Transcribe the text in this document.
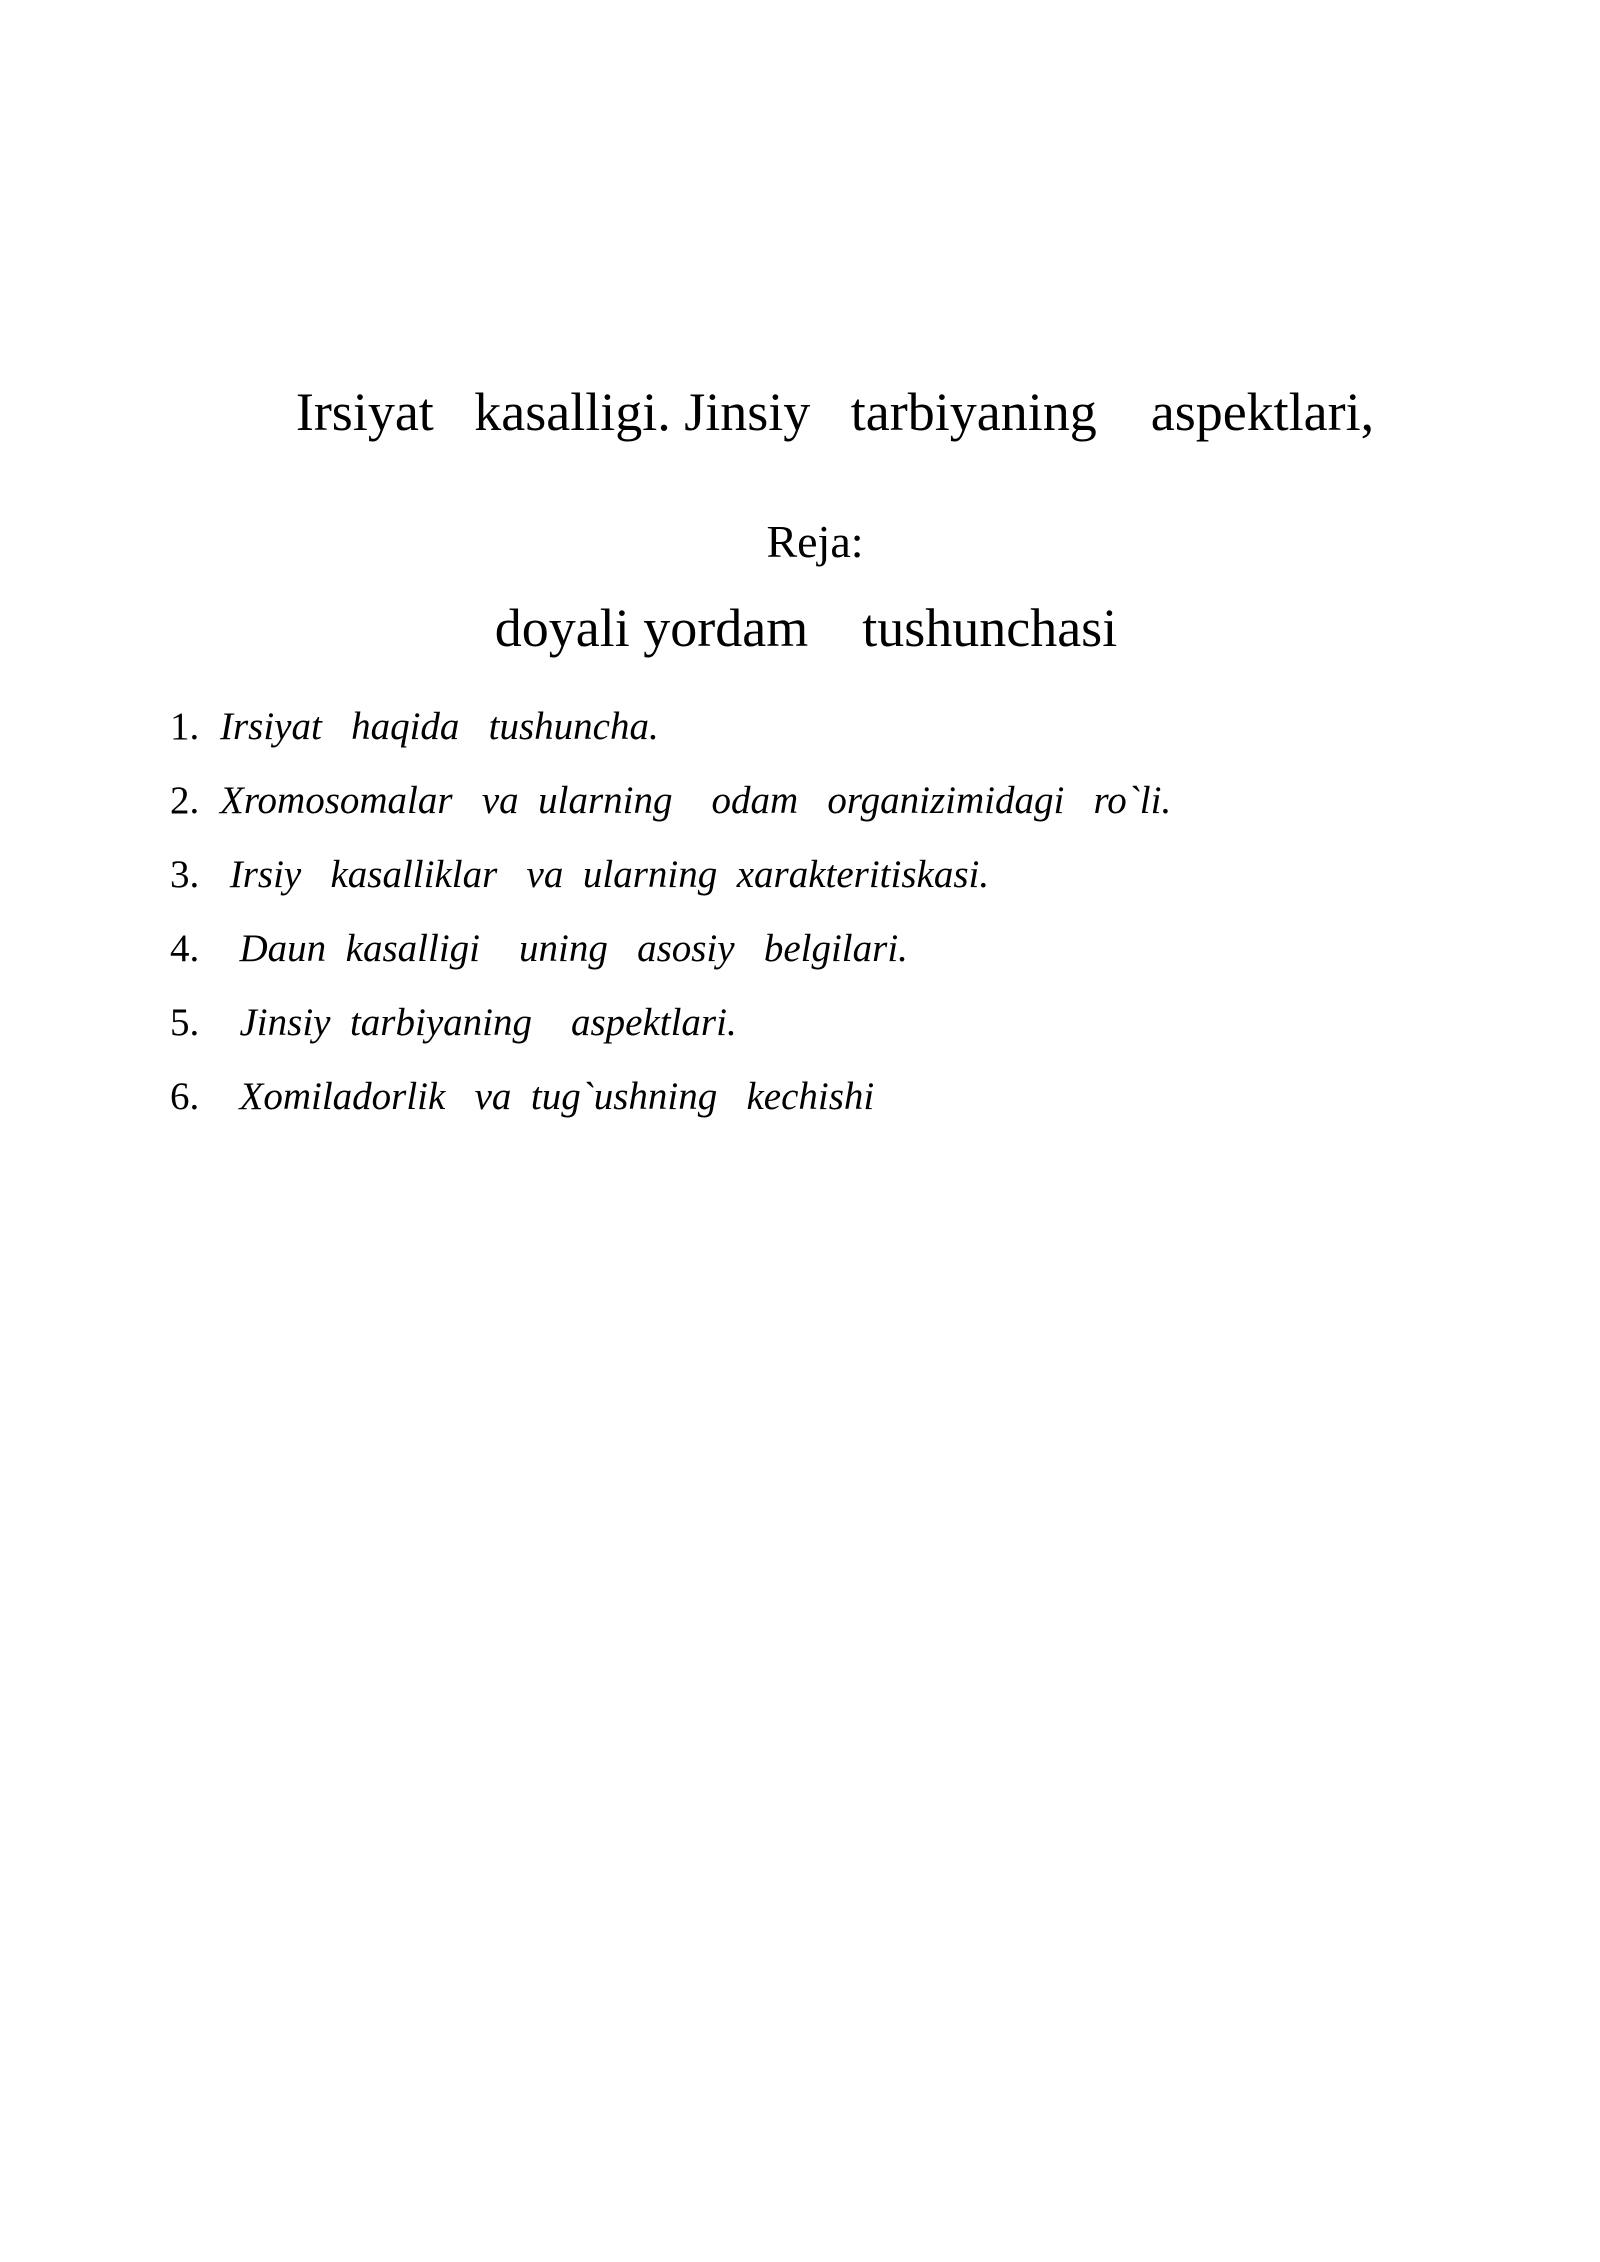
Irsiyat   kasalligi. Jinsiy   tarbiyaning    aspektlari,

doyali yordam    tushunchasi

Reja:
1. Irsiyat   haqida   tushuncha.
2. Xromosomalar   va  ularning    odam   organizimidagi   ro`li.
3. Irsiy   kasalliklar   va  ularning  xarakteritiskasi.
4. Daun  kasalligi    uning   asosiy   belgilari.
5. Jinsiy  tarbiyaning    aspektlari.
6. Xomiladorlik   va  tug`ushning   kechishi
